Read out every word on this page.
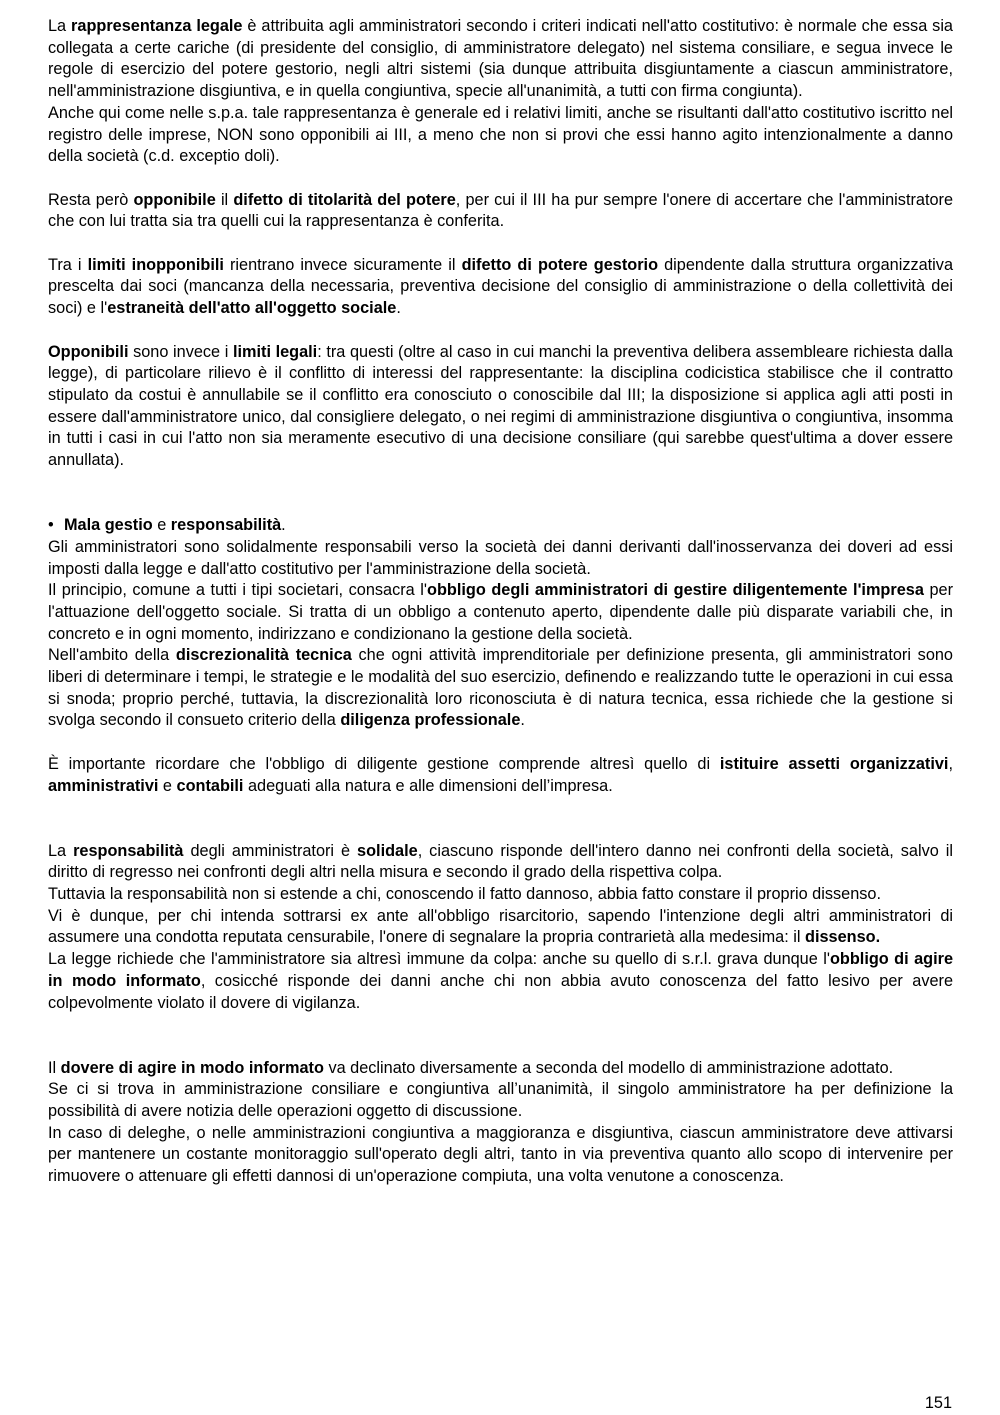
La rappresentanza legale è attribuita agli amministratori secondo i criteri indicati nell'atto costitutivo: è normale che essa sia collegata a certe cariche (di presidente del consiglio, di amministratore delegato) nel sistema consiliare, e segua invece le regole di esercizio del potere gestorio, negli altri sistemi (sia dunque attribuita disgiuntamente a ciascun amministratore, nell'amministrazione disgiuntiva, e in quella congiuntiva, specie all'unanimità, a tutti con firma congiunta).

Anche qui come nelle s.p.a. tale rappresentanza è generale ed i relativi limiti, anche se risultanti dall'atto costitutivo iscritto nel registro delle imprese, NON sono opponibili ai III, a meno che non si provi che essi hanno agito intenzionalmente a danno della società (c.d. exceptio doli).

Resta però opponibile il difetto di titolarità del potere, per cui il III ha pur sempre l'onere di accertare che l'amministratore che con lui tratta sia tra quelli cui la rappresentanza è conferita.

Tra i limiti inopponibili rientrano invece sicuramente il difetto di potere gestorio dipendente dalla struttura organizzativa prescelta dai soci (mancanza della necessaria, preventiva decisione del consiglio di amministrazione o della collettività dei soci) e l'estraneità dell'atto all'oggetto sociale.

Opponibili sono invece i limiti legali: tra questi (oltre al caso in cui manchi la preventiva delibera assembleare richiesta dalla legge), di particolare rilievo è il conflitto di interessi del rappresentante: la disciplina codicistica stabilisce che il contratto stipulato da costui è annullabile se il conflitto era conosciuto o conoscibile dal III; la disposizione si applica agli atti posti in essere dall'amministratore unico, dal consigliere delegato, o nei regimi di amministrazione disgiuntiva o congiuntiva, insomma in tutti i casi in cui l'atto non sia meramente esecutivo di una decisione consiliare (qui sarebbe quest'ultima a dover essere annullata).

• Mala gestio e responsabilità.

Gli amministratori sono solidalmente responsabili verso la società dei danni derivanti dall'inosservanza dei doveri ad essi imposti dalla legge e dall'atto costitutivo per l'amministrazione della società.

Il principio, comune a tutti i tipi societari, consacra l'obbligo degli amministratori di gestire diligentemente l'impresa per l'attuazione dell'oggetto sociale. Si tratta di un obbligo a contenuto aperto, dipendente dalle più disparate variabili che, in concreto e in ogni momento, indirizzano e condizionano la gestione della società.

Nell'ambito della discrezionalità tecnica che ogni attività imprenditoriale per definizione presenta, gli amministratori sono liberi di determinare i tempi, le strategie e le modalità del suo esercizio, definendo e realizzando tutte le operazioni in cui essa si snoda; proprio perché, tuttavia, la discrezionalità loro riconosciuta è di natura tecnica, essa richiede che la gestione si svolga secondo il consueto criterio della diligenza professionale.

È importante ricordare che l'obbligo di diligente gestione comprende altresì quello di istituire assetti organizzativi, amministrativi e contabili adeguati alla natura e alle dimensioni dell’impresa.

La responsabilità degli amministratori è solidale, ciascuno risponde dell'intero danno nei confronti della società, salvo il diritto di regresso nei confronti degli altri nella misura e secondo il grado della rispettiva colpa.

Tuttavia la responsabilità non si estende a chi, conoscendo il fatto dannoso, abbia fatto constare il proprio dissenso.

Vi è dunque, per chi intenda sottrarsi ex ante all'obbligo risarcitorio, sapendo l'intenzione degli altri amministratori di assumere una condotta reputata censurabile, l'onere di segnalare la propria contrarietà alla medesima: il dissenso.

La legge richiede che l'amministratore sia altresì immune da colpa: anche su quello di s.r.l. grava dunque l'obbligo di agire in modo informato, cosicché risponde dei danni anche chi non abbia avuto conoscenza del fatto lesivo per avere colpevolmente violato il dovere di vigilanza.

Il dovere di agire in modo informato va declinato diversamente a seconda del modello di amministrazione adottato.

Se ci si trova in amministrazione consiliare e congiuntiva all’unanimità, il singolo amministratore ha per definizione la possibilità di avere notizia delle operazioni oggetto di discussione.

In caso di deleghe, o nelle amministrazioni congiuntiva a maggioranza e disgiuntiva, ciascun amministratore deve attivarsi per mantenere un costante monitoraggio sull'operato degli altri, tanto in via preventiva quanto allo scopo di intervenire per rimuovere o attenuare gli effetti dannosi di un'operazione compiuta, una volta venutone a conoscenza.

151
